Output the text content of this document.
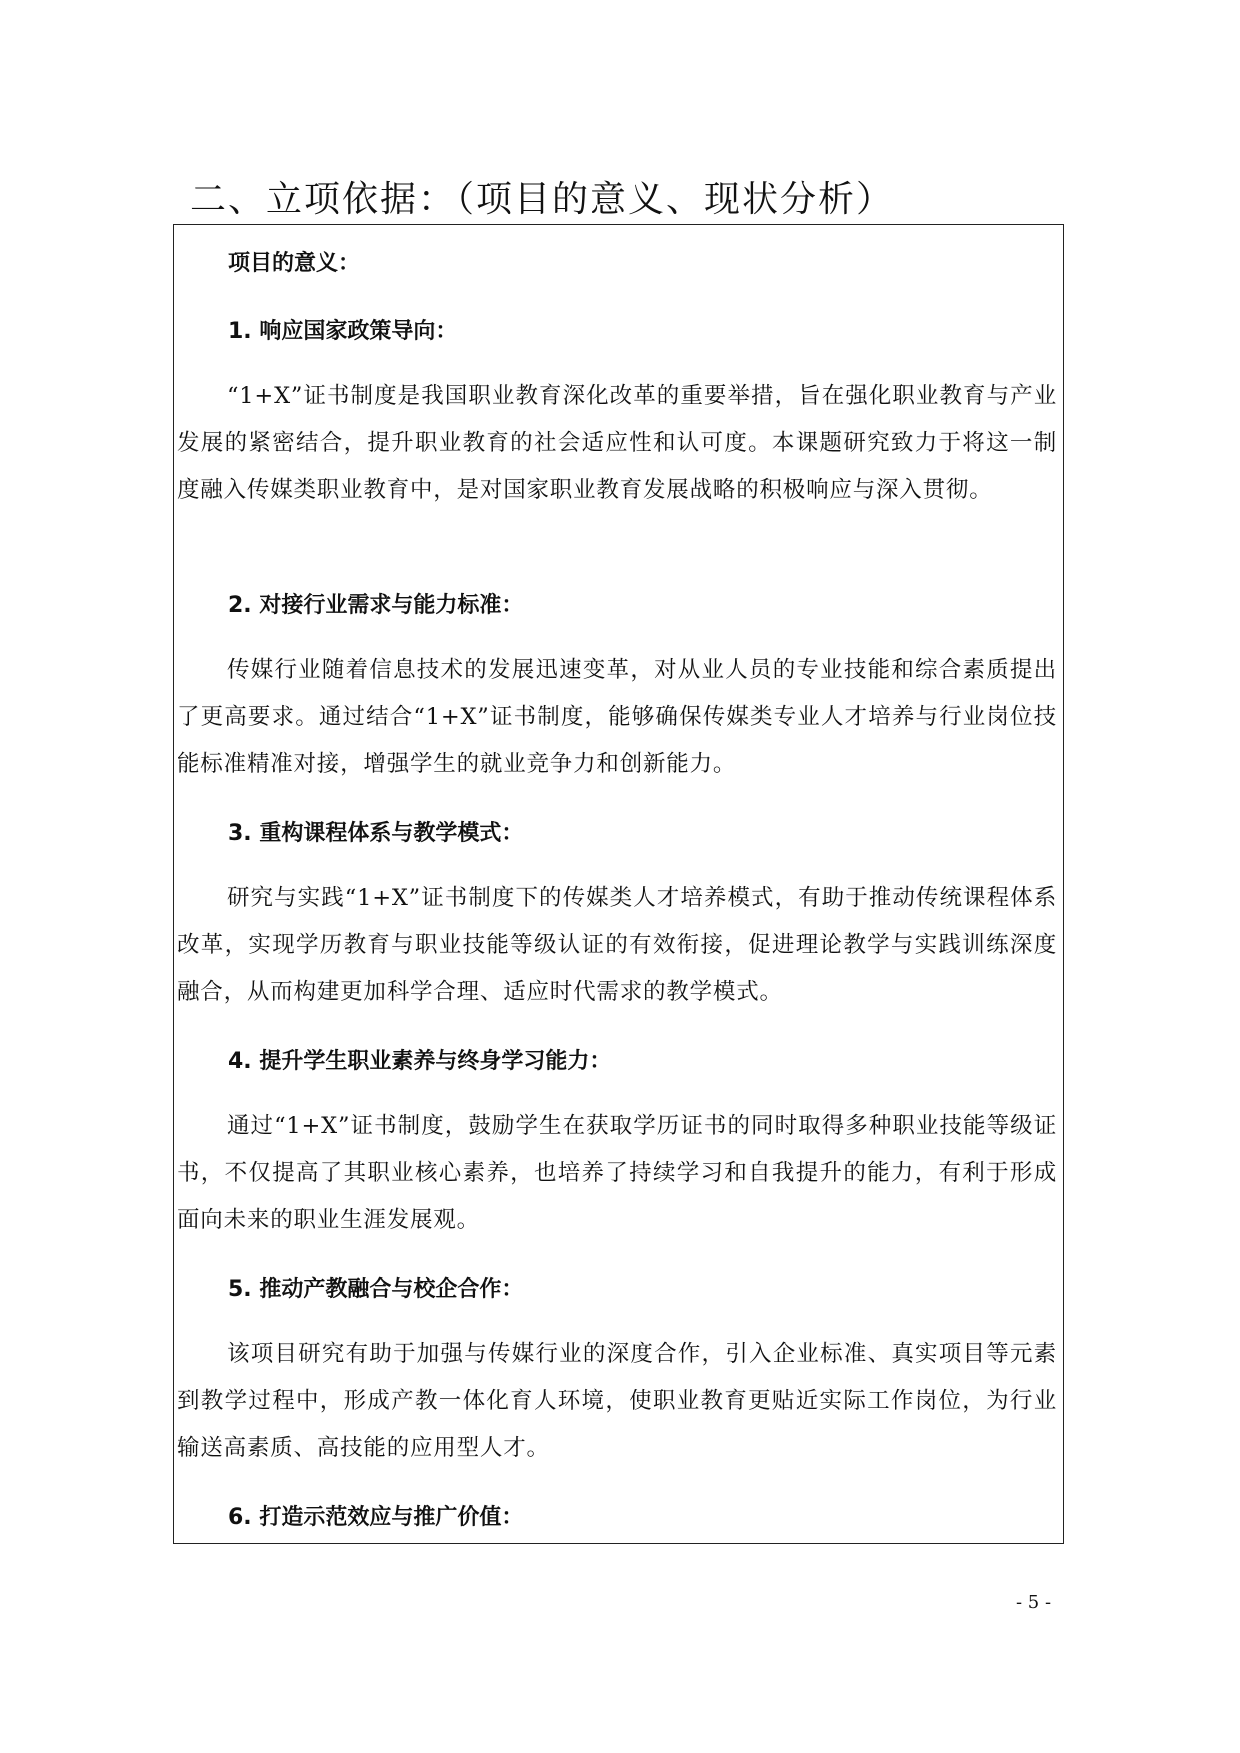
二、立项依据：（项目的意义、现状分析）

项目的意义：

1. 响应国家政策导向：

“1+X”证书制度是我国职业教育深化改革的重要举措，旨在强化职业教育与产业发展的紧密结合，提升职业教育的社会适应性和认可度。本课题研究致力于将这一制度融入传媒类职业教育中，是对国家职业教育发展战略的积极响应与深入贯彻。

2. 对接行业需求与能力标准：

传媒行业随着信息技术的发展迅速变革，对从业人员的专业技能和综合素质提出了更高要求。通过结合“1+X”证书制度，能够确保传媒类专业人才培养与行业岗位技能标准精准对接，增强学生的就业竞争力和创新能力。

3. 重构课程体系与教学模式：

研究与实践“1+X”证书制度下的传媒类人才培养模式，有助于推动传统课程体系改革，实现学历教育与职业技能等级认证的有效衔接，促进理论教学与实践训练深度融合，从而构建更加科学合理、适应时代需求的教学模式。

4. 提升学生职业素养与终身学习能力：

通过“1+X”证书制度，鼓励学生在获取学历证书的同时取得多种职业技能等级证书，不仅提高了其职业核心素养，也培养了持续学习和自我提升的能力，有利于形成面向未来的职业生涯发展观。

5. 推动产教融合与校企合作：

该项目研究有助于加强与传媒行业的深度合作，引入企业标准、真实项目等元素到教学过程中，形成产教一体化育人环境，使职业教育更贴近实际工作岗位，为行业输送高素质、高技能的应用型人才。

6. 打造示范效应与推广价值：

- 5 -
